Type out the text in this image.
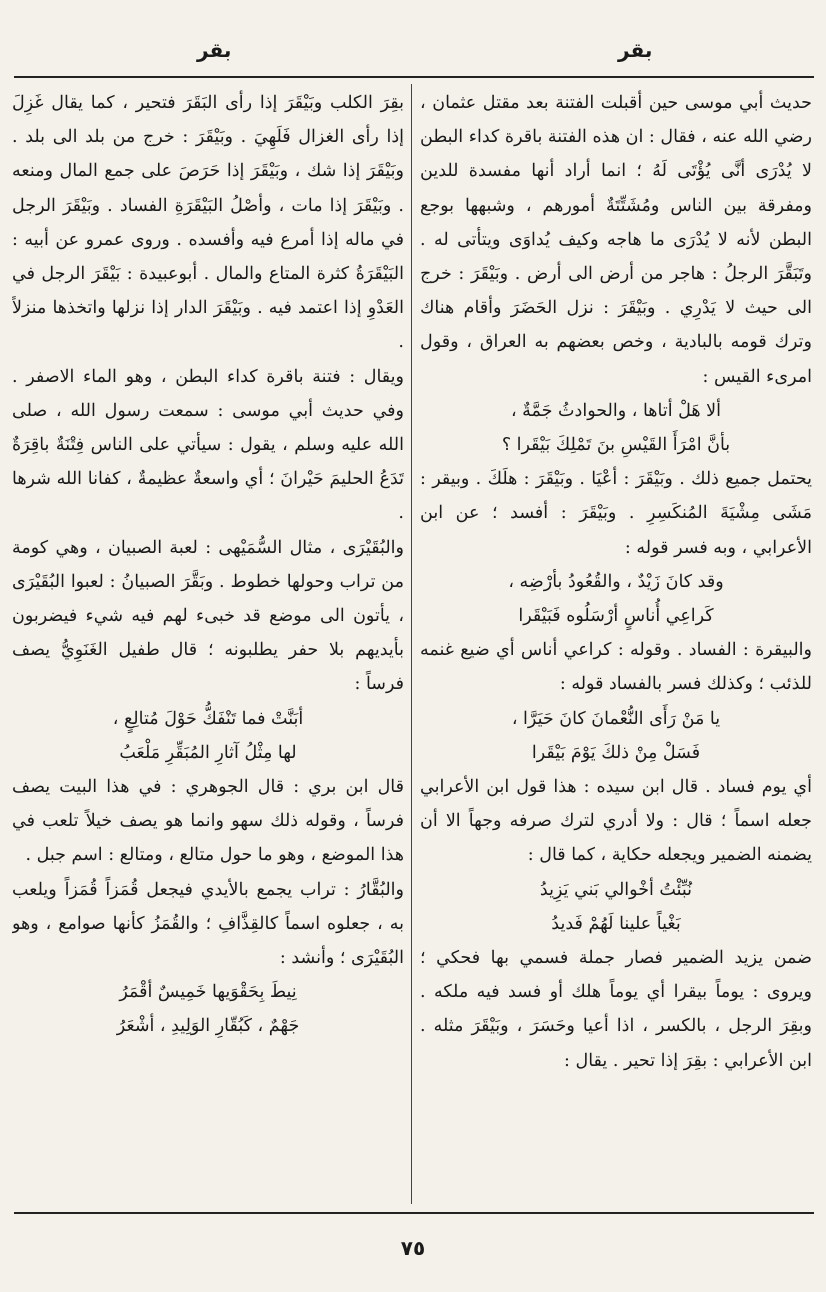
بقر
بقر

حديث أبي موسى حين أقبلت الفتنة بعد مقتل عثمان ، رضي الله عنه ، فقال : ان هذه الفتنة باقرة كداء البطن لا يُدْرَى أنَّى يُؤْتَى لَهُ ؛ انما أراد أنها مفسدة للدين ومفرقة بين الناس ومُشَتِّتَةٌ أمورهم ، وشبهها بوجع البطن لأنه لا يُدْرَى ما هاجه وكيف يُداوَى ويتأتى له . وتَبَقَّرَ الرجلُ : هاجر من أرض الى أرض . وبَيْقَرَ : خرج الى حيث لا يَدْرِي . وبَيْقَرَ : نزل الحَضَرَ وأقام هناك وترك قومه بالبادية ، وخص بعضهم به العراق ، وقول امرىء القيس :

ألا هَلْ أتاها ، والحوادثُ جَمَّةٌ ،

بأنَّ امْرَأَ القَيْسِ بنَ تَمْلِكَ بَيْقَرا ؟

يحتمل جميع ذلك . وبَيْقَرَ : أعْيَا . وبَيْقَرَ : هلَكَ . وبيقر : مَشَى مِشْيَةَ المُنكَسِرِ . وبَيْقَرَ : أفسد ؛ عن ابن الأعرابي ، وبه فسر قوله :

وقد كانَ زَيْدٌ ، والقُعُودُ بأرْضِه ،

كَراعِي أُناسٍ أرْسَلُوه فَبَيْقَرا

والبيقرة : الفساد . وقوله : كراعي أناس أي ضيع غنمه للذئب ؛ وكذلك فسر بالفساد قوله :

يا مَنْ رَأَى النُّعْمانَ كانَ حَيَرَّا ،

فَسَلْ مِنْ ذلكَ يَوْمَ بَيْقَرا

أي يوم فساد . قال ابن سيده : هذا قول ابن الأعرابي جعله اسماً ؛ قال : ولا أدري لترك صرفه وجهاً الا أن يضمنه الضمير ويجعله حكاية ، كما قال :

نُبِّئْتُ أخْوالي بَني يَزِيدُ

بَغْياً علينا لَهُمْ فَديدُ

ضمن يزيد الضمير فصار جملة فسمي بها فحكي ؛ ويروى : يوماً بيقرا أي يوماً هلك أو فسد فيه ملكه . وبقِرَ الرجل ، بالكسر ، اذا أعيا وحَسَرَ ، وبَيْقَرَ مثله . ابن الأعرابي : بقِرَ إذا تحير . يقال :

بقِرَ الكلب وبَيْقَرَ إذا رأى البَقَرَ فتحير ، كما يقال غَزِلَ إذا رأى الغزال فَلَهِيَ . وبَيْقَرَ : خرج من بلد الى بلد . وبَيْقَرَ إذا شك ، وبَيْقَرَ إذا حَرَصَ على جمع المال ومنعه . وبَيْقَرَ إذا مات ، وأصْلُ البَيْقَرَةِ الفساد . وبَيْقَرَ الرجل في ماله إذا أمرع فيه وأفسده . وروى عمرو عن أبيه : البَيْقَرَةُ كثرة المتاع والمال . أبوعبيدة : بَيْقَرَ الرجل في العَدْوِ إذا اعتمد فيه . وبَيْقَرَ الدار إذا نزلها واتخذها منزلاً .

ويقال : فتنة باقرة كداء البطن ، وهو الماء الاصفر . وفي حديث أبي موسى : سمعت رسول الله ، صلى الله عليه وسلم ، يقول : سيأتي على الناس فِتْنَةٌ باقِرَةٌ تَدَعُ الحليمَ حَيْرانَ ؛ أي واسعةٌ عظيمةٌ ، كفانا الله شرها .

والبُقَيْرَى ، مثال السُّمَيْهى : لعبة الصبيان ، وهي كومة من تراب وحولها خطوط . وبَقَّرَ الصبيانُ : لعبوا البُقَيْرَى ، يأتون الى موضع قد خبىء لهم فيه شيء فيضربون بأيديهم بلا حفر يطلبونه ؛ قال طفيل الغَنَوِيُّ يصف فرساً :

أبَنَّتْ فما تَنْفَكُّ حَوْلَ مُتالِعٍ ،

لها مِثْلُ آثارِ المُبَقِّرِ مَلْعَبُ

قال ابن بري : قال الجوهري : في هذا البيت يصف فرساً ، وقوله ذلك سهو وانما هو يصف خيلاً تلعب في هذا الموضع ، وهو ما حول متالع ، ومتالع : اسم جبل .

والبُقَّارُ : تراب يجمع بالأيدي فيجعل قُمَزاً قُمَزاً ويلعب به ، جعلوه اسماً كالقِذَّافِ ؛ والقُمَزُ كأنها صوامع ، وهو البُقَيْرَى ؛ وأنشد :

نِيطَ بِحَقْوَيها خَمِيسٌ أقْمَرُ

جَهْمٌ ، كَبُقّارِ الوَلِيدِ ، أشْعَرُ

٧٥
